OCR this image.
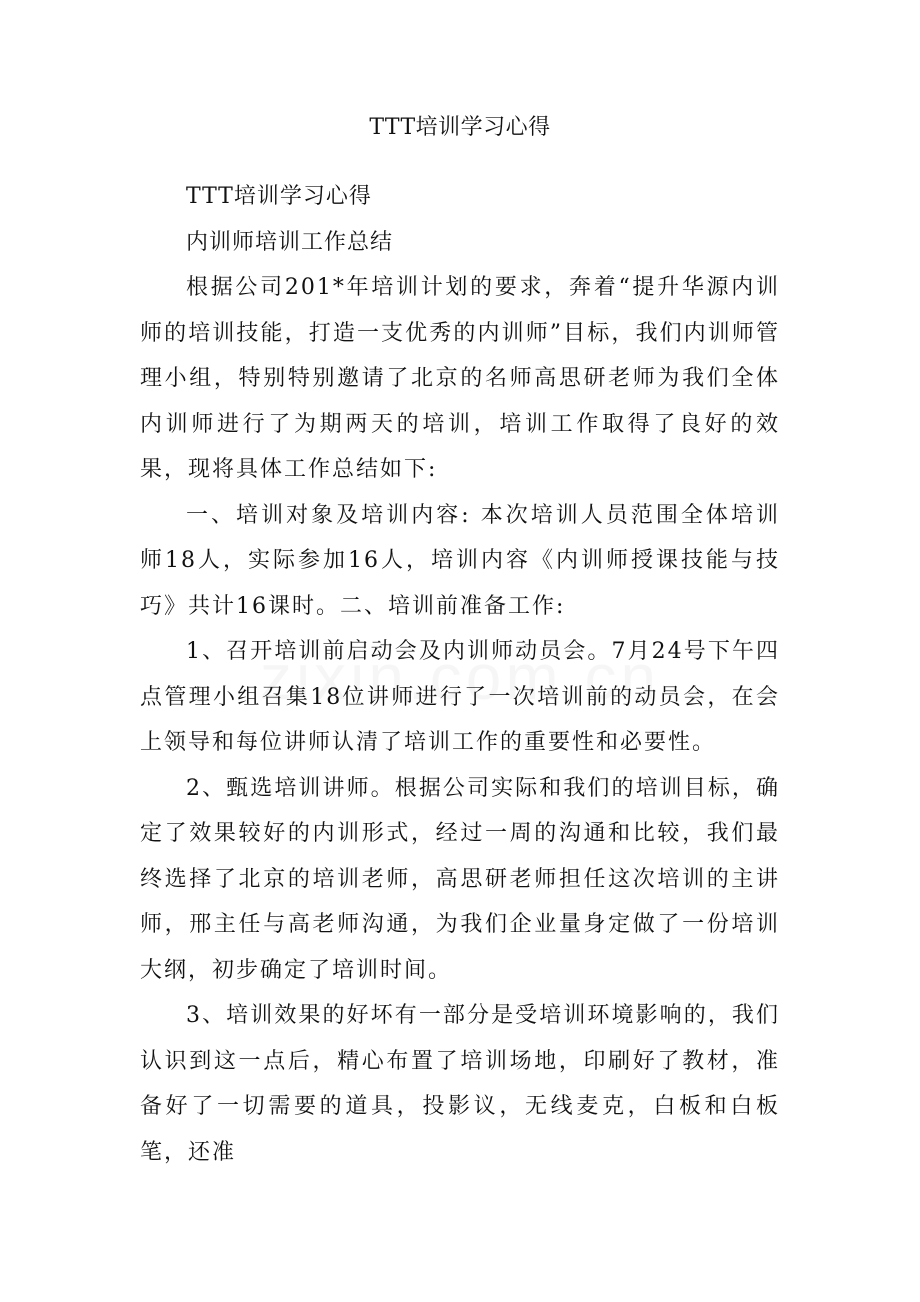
TTT培训学习心得

TTT培训学习心得

内训师培训工作总结

根据公司201*年培训计划的要求，奔着“提升华源内训师的培训技能，打造一支优秀的内训师”目标，我们内训师管理小组，特别特别邀请了北京的名师高思研老师为我们全体内训师进行了为期两天的培训，培训工作取得了良好的效果，现将具体工作总结如下:

一、培训对象及培训内容: 本次培训人员范围全体培训师18人，实际参加16人，培训内容《内训师授课技能与技巧》共计16课时。二、培训前准备工作:

1、召开培训前启动会及内训师动员会。7月24号下午四点管理小组召集18位讲师进行了一次培训前的动员会，在会上领导和每位讲师认清了培训工作的重要性和必要性。

2、甄选培训讲师。根据公司实际和我们的培训目标，确定了效果较好的内训形式，经过一周的沟通和比较，我们最终选择了北京的培训老师，高思研老师担任这次培训的主讲师，邢主任与高老师沟通，为我们企业量身定做了一份培训大纲，初步确定了培训时间。

3、培训效果的好坏有一部分是受培训环境影响的，我们认识到这一点后，精心布置了培训场地，印刷好了教材，准备好了一切需要的道具，投影议，无线麦克，白板和白板笔，还准
